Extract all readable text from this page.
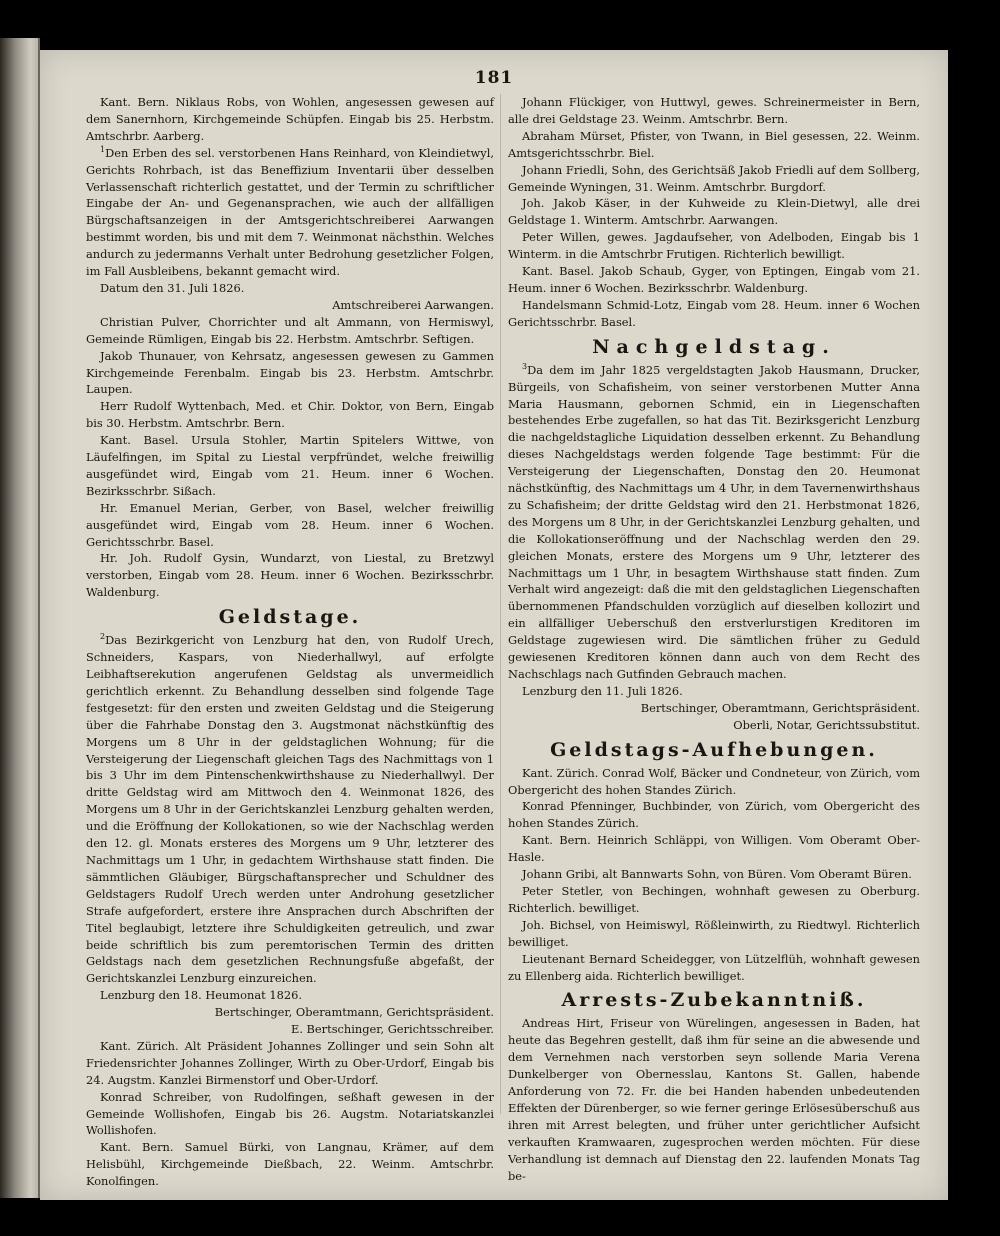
181

Kant. Bern. Niklaus Robs, von Wohlen, angesessen gewesen auf dem Sanernhorn, Kirchgemeinde Schüpfen. Eingab bis 25. Herbstm. Amtschrbr. Aarberg.

$^1$Den Erben des sel. verstorbenen Hans Reinhard, von Kleindietwyl, Gerichts Rohrbach, ist das Beneffizium Inventarii über desselben Verlassenschaft richterlich gestattet, und der Termin zu schriftlicher Eingabe der An- und Gegenansprachen, wie auch der allfälligen Bürgschaftsanzeigen in der Amtsgerichtschreiberei Aarwangen bestimmt worden, bis und mit dem 7. Weinmonat nächsthin. Welches andurch zu jedermanns Verhalt unter Bedrohung gesetzlicher Folgen, im Fall Ausbleibens, bekannt gemacht wird.

Datum den 31. Juli 1826.

Amtschreiberei Aarwangen.

Christian Pulver, Chorrichter und alt Ammann, von Hermiswyl, Gemeinde Rümligen, Eingab bis 22. Herbstm. Amtschrbr. Seftigen.

Jakob Thunauer, von Kehrsatz, angesessen gewesen zu Gammen Kirchgemeinde Ferenbalm. Eingab bis 23. Herbstm. Amtschrbr. Laupen.

Herr Rudolf Wyttenbach, Med. et Chir. Doktor, von Bern, Eingab bis 30. Herbstm. Amtschrbr. Bern.

Kant. Basel. Ursula Stohler, Martin Spitelers Wittwe, von Läufelfingen, im Spital zu Liestal verpfründet, welche freiwillig ausgefündet wird, Eingab vom 21. Heum. inner 6 Wochen. Bezirksschrbr. Sißach.

Hr. Emanuel Merian, Gerber, von Basel, welcher freiwillig ausgefündet wird, Eingab vom 28. Heum. inner 6 Wochen. Gerichtsschrbr. Basel.

Hr. Joh. Rudolf Gysin, Wundarzt, von Liestal, zu Bretzwyl verstorben, Eingab vom 28. Heum. inner 6 Wochen. Bezirksschrbr. Waldenburg.

Geldstage.

$^2$Das Bezirkgericht von Lenzburg hat den, von Rudolf Urech, Schneiders, Kaspars, von Niederhallwyl, auf erfolgte Leibhaftserekution angerufenen Geldstag als unvermeidlich gerichtlich erkennt. Zu Behandlung desselben sind folgende Tage festgesetzt: für den ersten und zweiten Geldstag und die Steigerung über die Fahrhabe Donstag den 3. Augstmonat nächstkünftig des Morgens um 8 Uhr in der geldstaglichen Wohnung; für die Versteigerung der Liegenschaft gleichen Tags des Nachmittags von 1 bis 3 Uhr im dem Pintenschenkwirthshause zu Niederhallwyl. Der dritte Geldstag wird am Mittwoch den 4. Weinmonat 1826, des Morgens um 8 Uhr in der Gerichtskanzlei Lenzburg gehalten werden, und die Eröffnung der Kollokationen, so wie der Nachschlag werden den 12. gl. Monats ersteres des Morgens um 9 Uhr, letzterer des Nachmittags um 1 Uhr, in gedachtem Wirthshause statt finden. Die sämmtlichen Gläubiger, Bürgschaftansprecher und Schuldner des Geldstagers Rudolf Urech werden unter Androhung gesetzlicher Strafe aufgefordert, erstere ihre Ansprachen durch Abschriften der Titel beglaubigt, letztere ihre Schuldigkeiten getreulich, und zwar beide schriftlich bis zum peremtorischen Termin des dritten Geldstags nach dem gesetzlichen Rechnungsfuße abgefaßt, der Gerichtskanzlei Lenzburg einzureichen.

Lenzburg den 18. Heumonat 1826.

Bertschinger, Oberamtmann, Gerichtspräsident.

E. Bertschinger, Gerichtsschreiber.

Kant. Zürich. Alt Präsident Johannes Zollinger und sein Sohn alt Friedensrichter Johannes Zollinger, Wirth zu Ober-Urdorf, Eingab bis 24. Augstm. Kanzlei Birmenstorf und Ober-Urdorf.

Konrad Schreiber, von Rudolfingen, seßhaft gewesen in der Gemeinde Wollishofen, Eingab bis 26. Augstm. Notariatskanzlei Wollishofen.

Kant. Bern. Samuel Bürki, von Langnau, Krämer, auf dem Helisbühl, Kirchgemeinde Dießbach, 22. Weinm. Amtschrbr. Konolfingen.

Johann Flückiger, von Huttwyl, gewes. Schreinermeister in Bern, alle drei Geldstage 23. Weinm. Amtschrbr. Bern.

Abraham Mürset, Pfister, von Twann, in Biel gesessen, 22. Weinm. Amtsgerichtsschrbr. Biel.

Johann Friedli, Sohn, des Gerichtsäß Jakob Friedli auf dem Sollberg, Gemeinde Wyningen, 31. Weinm. Amtschrbr. Burgdorf.

Joh. Jakob Käser, in der Kuhweide zu Klein-Dietwyl, alle drei Geldstage 1. Winterm. Amtschrbr. Aarwangen.

Peter Willen, gewes. Jagdaufseher, von Adelboden, Eingab bis 1 Winterm. in die Amtschrbr Frutigen. Richterlich bewilligt.

Kant. Basel. Jakob Schaub, Gyger, von Eptingen, Eingab vom 21. Heum. inner 6 Wochen. Bezirksschrbr. Waldenburg.

Handelsmann Schmid-Lotz, Eingab vom 28. Heum. inner 6 Wochen Gerichtsschrbr. Basel.

Nachgeldstag.

$^3$Da dem im Jahr 1825 vergeldstagten Jakob Hausmann, Drucker, Bürgeils, von Schafisheim, von seiner verstorbenen Mutter Anna Maria Hausmann, gebornen Schmid, ein in Liegenschaften bestehendes Erbe zugefallen, so hat das Tit. Bezirksgericht Lenzburg die nachgeldstagliche Liquidation desselben erkennt. Zu Behandlung dieses Nachgeldstags werden folgende Tage bestimmt: Für die Versteigerung der Liegenschaften, Donstag den 20. Heumonat nächstkünftig, des Nachmittags um 4 Uhr, in dem Tavernenwirthshaus zu Schafisheim; der dritte Geldstag wird den 21. Herbstmonat 1826, des Morgens um 8 Uhr, in der Gerichtskanzlei Lenzburg gehalten, und die Kollokationseröffnung und der Nachschlag werden den 29. gleichen Monats, erstere des Morgens um 9 Uhr, letzterer des Nachmittags um 1 Uhr, in besagtem Wirthshause statt finden. Zum Verhalt wird angezeigt: daß die mit den geldstaglichen Liegenschaften übernommenen Pfandschulden vorzüglich auf dieselben kollozirt und ein allfälliger Ueberschuß den erstverlurstigen Kreditoren im Geldstage zugewiesen wird. Die sämtlichen früher zu Geduld gewiesenen Kreditoren können dann auch von dem Recht des Nachschlags nach Gutfinden Gebrauch machen.

Lenzburg den 11. Juli 1826.

Bertschinger, Oberamtmann, Gerichtspräsident.

Oberli, Notar, Gerichtssubstitut.

Geldstags-Aufhebungen.

Kant. Zürich. Conrad Wolf, Bäcker und Condneteur, von Zürich, vom Obergericht des hohen Standes Zürich.

Konrad Pfenninger, Buchbinder, von Zürich, vom Obergericht des hohen Standes Zürich.

Kant. Bern. Heinrich Schläppi, von Willigen. Vom Oberamt Ober-Hasle.

Johann Gribi, alt Bannwarts Sohn, von Büren. Vom Oberamt Büren.

Peter Stetler, von Bechingen, wohnhaft gewesen zu Oberburg. Richterlich. bewilliget.

Joh. Bichsel, von Heimiswyl, Rößleinwirth, zu Riedtwyl. Richterlich bewilliget.

Lieutenant Bernard Scheidegger, von Lützelflüh, wohnhaft gewesen zu Ellenberg aida. Richterlich bewilliget.

Arrests-Zubekanntniß.

Andreas Hirt, Friseur von Würelingen, angesessen in Baden, hat heute das Begehren gestellt, daß ihm für seine an die abwesende und dem Vernehmen nach verstorben seyn sollende Maria Verena Dunkelberger von Obernesslau, Kantons St. Gallen, habende Anforderung von 72. Fr. die bei Handen habenden unbedeutenden Effekten der Dürenberger, so wie ferner geringe Erlösesüberschuß aus ihren mit Arrest belegten, und früher unter gerichtlicher Aufsicht verkauften Kramwaaren, zugesprochen werden möchten. Für diese Verhandlung ist demnach auf Dienstag den 22. laufenden Monats Tag be-
